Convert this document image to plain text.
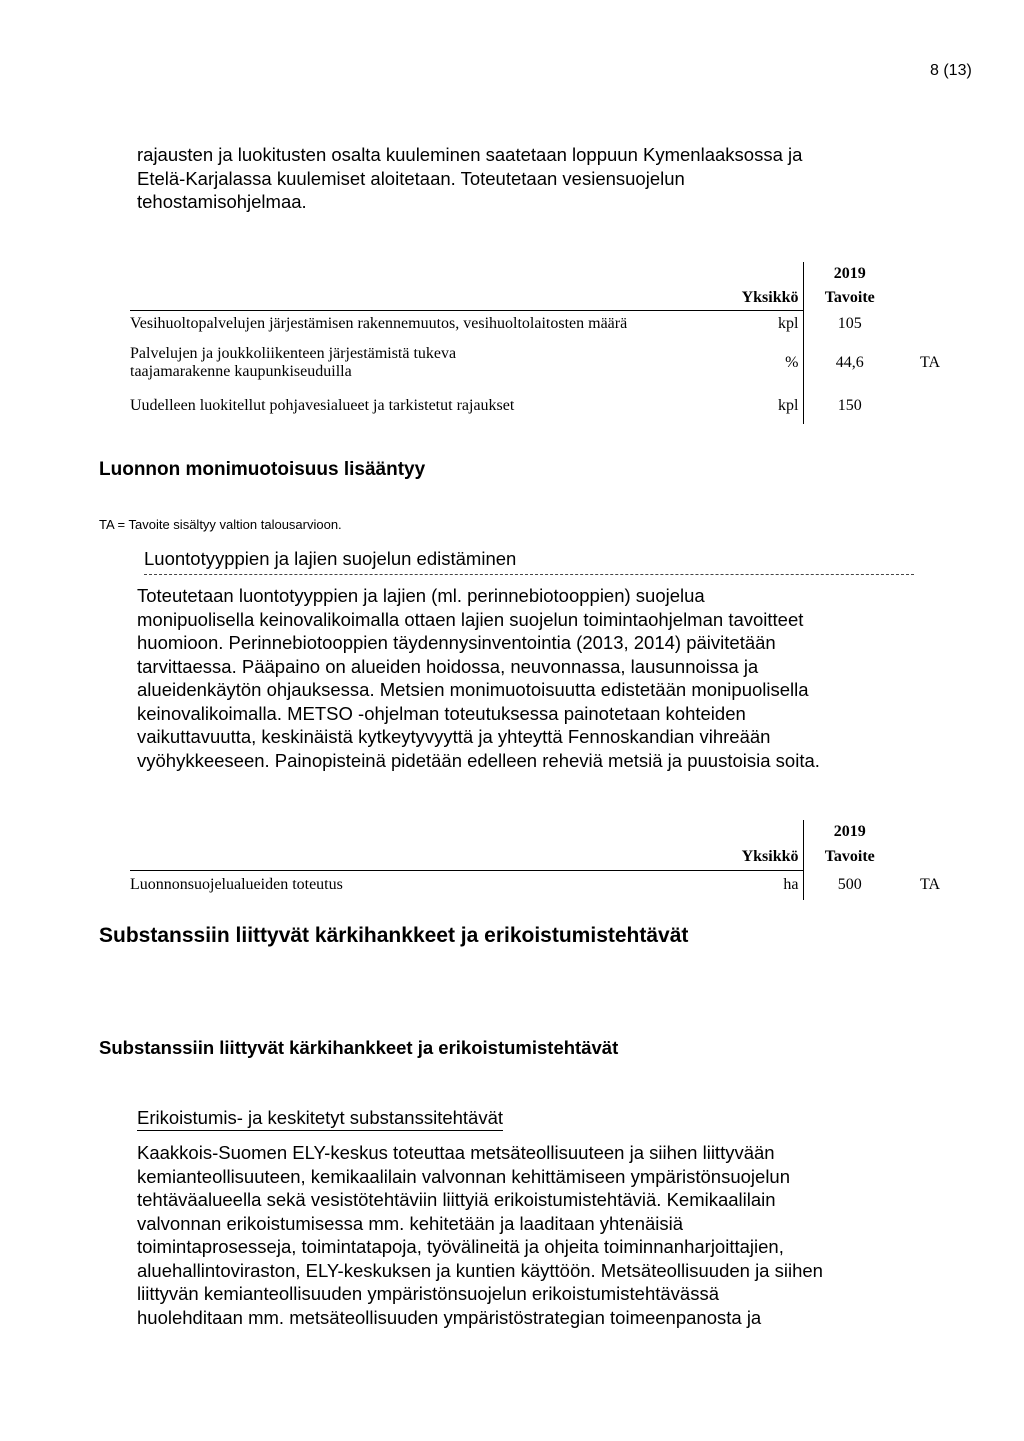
8 (13)

rajausten ja luokitusten osalta kuuleminen saatetaan loppuun Kymenlaaksossa ja

Etelä-Karjalassa kuulemiset aloitetaan. Toteutetaan vesiensuojelun

tehostamisohjelmaa.

		2019	
	Yksikkö	Tavoite	
Vesihuoltopalvelujen järjestämisen rakennemuutos, vesihuoltolaitosten määrä	kpl	105	

Palvelujen ja joukkoliikenteen järjestämistä tukeva taajamarakenne kaupunkiseuduilla	%	44,6	TA
Uudelleen luokitellut pohjavesialueet ja tarkistetut rajaukset	kpl	150	
Luonnon monimuotoisuus lisääntyy
TA = Tavoite sisältyy valtion talousarvioon.
Luontotyyppien ja lajien suojelun edistäminen

Toteutetaan luontotyyppien ja lajien (ml. perinnebiotooppien) suojelua

monipuolisella keinovalikoimalla ottaen lajien suojelun toimintaohjelman tavoitteet

huomioon. Perinnebiotooppien täydennysinventointia (2013, 2014) päivitetään

tarvittaessa. Pääpaino on alueiden hoidossa, neuvonnassa, lausunnoissa ja

alueidenkäytön ohjauksessa. Metsien monimuotoisuutta edistetään monipuolisella

keinovalikoimalla. METSO -ohjelman toteutuksessa painotetaan kohteiden

vaikuttavuutta, keskinäistä kytkeytyvyyttä ja yhteyttä Fennoskandian vihreään

vyöhykkeeseen. Painopisteinä pidetään edelleen reheviä metsiä ja puustoisia soita.

		2019	
	Yksikkö	Tavoite	
Luonnonsuojelualueiden toteutus	ha	500	TA
Substanssiin liittyvät kärkihankkeet ja erikoistumistehtävät
Substanssiin liittyvät kärkihankkeet ja erikoistumistehtävät
Erikoistumis- ja keskitetyt substanssitehtävät

Kaakkois-Suomen ELY-keskus toteuttaa metsäteollisuuteen ja siihen liittyvään

kemianteollisuuteen, kemikaalilain valvonnan kehittämiseen ympäristönsuojelun

tehtäväalueella sekä vesistötehtäviin liittyiä erikoistumistehtäviä. Kemikaalilain

valvonnan erikoistumisessa mm. kehitetään ja laaditaan yhtenäisiä

toimintaprosesseja, toimintatapoja, työvälineitä ja ohjeita toiminnanharjoittajien,

aluehallintoviraston, ELY-keskuksen ja kuntien käyttöön. Metsäteollisuuden ja siihen

liittyvän kemianteollisuuden ympäristönsuojelun erikoistumistehtävässä

huolehditaan mm. metsäteollisuuden ympäristöstrategian toimeenpanosta ja
